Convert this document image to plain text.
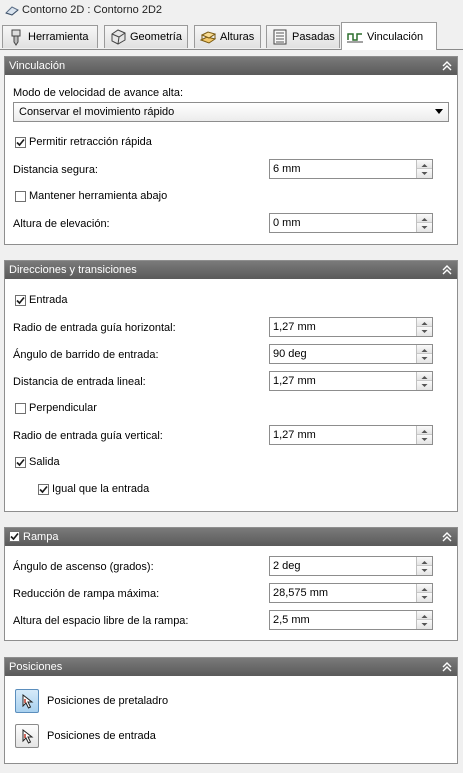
Contorno 2D : Contorno 2D2
Herramienta	Geometría	Alturas	Pasadas	Vinculación
Vinculación
Modo de velocidad de avance alta:
Conservar el movimiento rápido
Permitir retracción rápida
Distancia segura:
6 mm
Mantener herramienta abajo
Altura de elevación:
0 mm
Direcciones y transiciones
Entrada
Radio de entrada guía horizontal:
1,27 mm
Ángulo de barrido de entrada:
90 deg
Distancia de entrada lineal:
1,27 mm
Perpendicular
Radio de entrada guía vertical:
1,27 mm
Salida
Igual que la entrada
Rampa
Ángulo de ascenso (grados):
2 deg
Reducción de rampa máxima:
28,575 mm
Altura del espacio libre de la rampa:
2,5 mm
Posiciones
Posiciones de pretaladro
Posiciones de entrada
